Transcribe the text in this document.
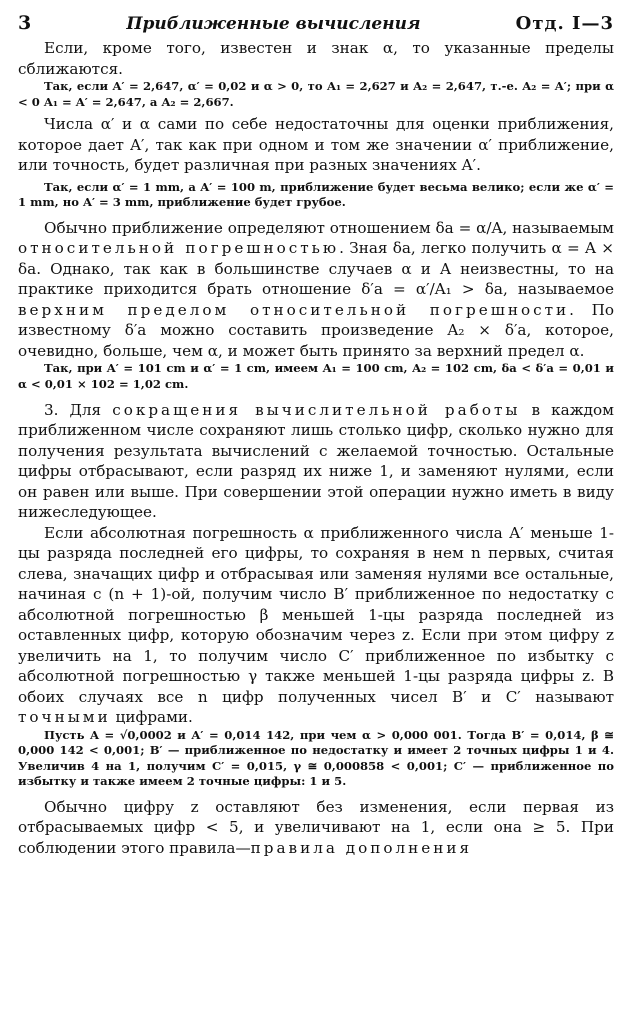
3	Приближенные вычисления	Отд. I—3

Если, кроме того, известен и знак α, то указанные пределы сближаются.

Так, если A′ = 2,647, α′ = 0,02 и α > 0, то A₁ = 2,627 и A₂ = 2,647, т.-е. A₂ = A′; при α < 0 A₁ = A′ = 2,647, а A₂ = 2,667.

Числа α′ и α сами по себе недостаточны для оценки приближения, которое дает A′, так как при одном и том же значении α′ приближение, или точность, будет различная при разных значениях A′.

Так, если α′ = 1 mm, а A′ = 100 m, приближение будет весьма велико; если же α′ = 1 mm, но A′ = 3 mm, приближение будет грубое.

Обычно приближение определяют отношением δa = α/A, называемым относительной погрешностью. Зная δa, легко получить α = A × δa. Однако, так как в большинстве случаев α и A неизвестны, то на практике приходится брать отношение δ′a = α′/A₁ > δa, называемое верхним пределом относительной погрешности. По известному δ′a можно составить произведение A₂ × δ′a, которое, очевидно, больше, чем α, и может быть принято за верхний предел α.

Так, при A′ = 101 cm и α′ = 1 cm, имеем A₁ = 100 cm, A₂ = 102 cm, δa < δ′a = 0,01 и α < 0,01 × 102 = 1,02 cm.

3. Для сокращения вычислительной работы в каждом приближенном числе сохраняют лишь столько цифр, сколько нужно для получения результата вычислений с желаемой точностью. Остальные цифры отбрасывают, если разряд их ниже 1, и заменяют нулями, если он равен или выше. При совершении этой операции нужно иметь в виду нижеследующее.

Если абсолютная погрешность α приближенного числа A′ меньше 1-цы разряда последней его цифры, то сохраняя в нем n первых, считая слева, значащих цифр и отбрасывая или заменяя нулями все остальные, начиная с (n + 1)-ой, получим число B′ приближенное по недостатку с абсолютной погрешностью β меньшей 1-цы разряда последней из оставленных цифр, которую обозначим через z. Если при этом цифру z увеличить на 1, то получим число C′ приближенное по избытку с абсолютной погрешностью γ также меньшей 1-цы разряда цифры z. В обоих случаях все n цифр полученных чисел B′ и C′ называют точными цифрами.

Пусть A = √0,0002 и A′ = 0,014 142, при чем α > 0,000 001. Тогда B′ = 0,014, β ≅ 0,000 142 < 0,001; B′ — приближенное по недостатку и имеет 2 точных цифры 1 и 4. Увеличив 4 на 1, получим C′ = 0,015, γ ≅ 0,000858 < 0,001; C′ — приближенное по избытку и также имеем 2 точные цифры: 1 и 5.

Обычно цифру z оставляют без изменения, если первая из отбрасываемых цифр < 5, и увеличивают на 1, если она ≥ 5. При соблюдении этого правила—правила дополнения
